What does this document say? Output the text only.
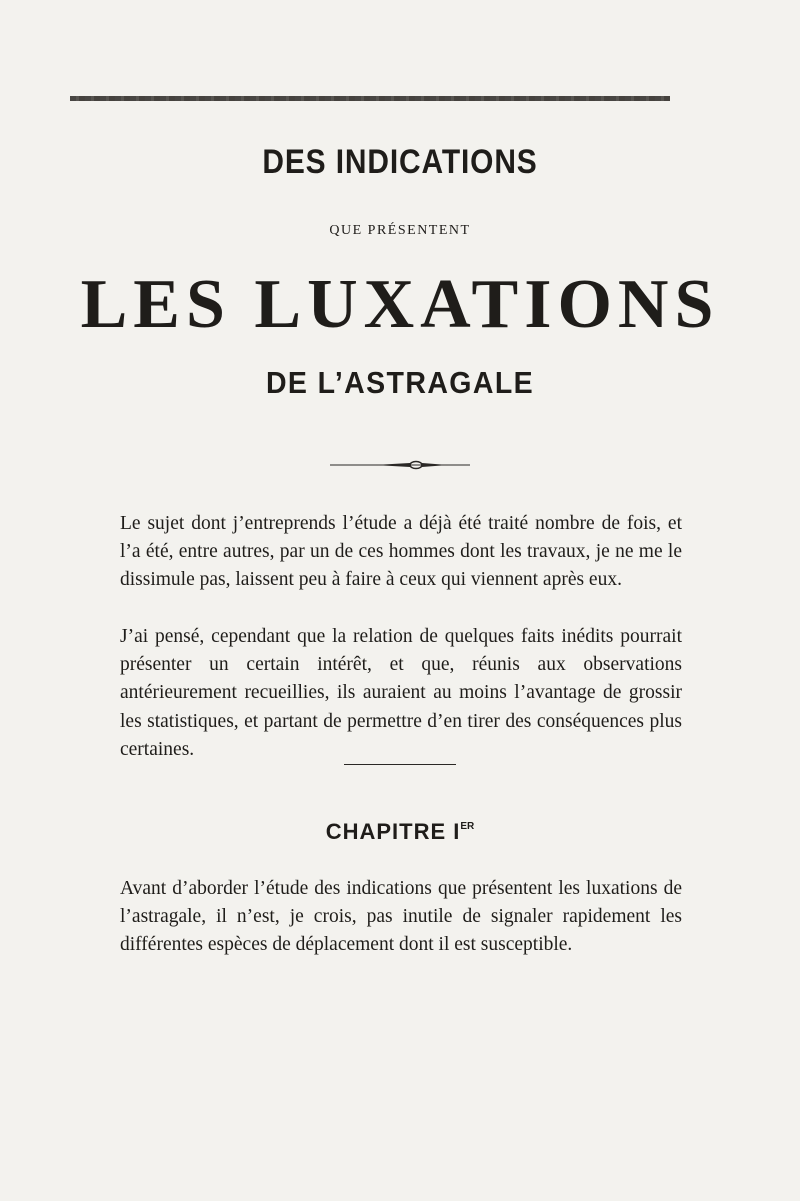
DES INDICATIONS
QUE PRÉSENTENT
LES LUXATIONS
DE L’ASTRAGALE

Le sujet dont j’entreprends l’étude a déjà été traité nombre de fois, et l’a été, entre autres, par un de ces hommes dont les travaux, je ne me le dissimule pas, laissent peu à faire à ceux qui viennent après eux.

J’ai pensé, cependant que la relation de quelques faits inédits pourrait présenter un certain intérêt, et que, réunis aux observations antérieurement recueillies, ils auraient au moins l’avantage de grossir les statistiques, et partant de permettre d’en tirer des conséquences plus certaines.

CHAPITRE IER

Avant d’aborder l’étude des indications que présentent les luxations de l’astragale, il n’est, je crois, pas inutile de signaler rapidement les différentes espèces de déplacement dont il est susceptible.
